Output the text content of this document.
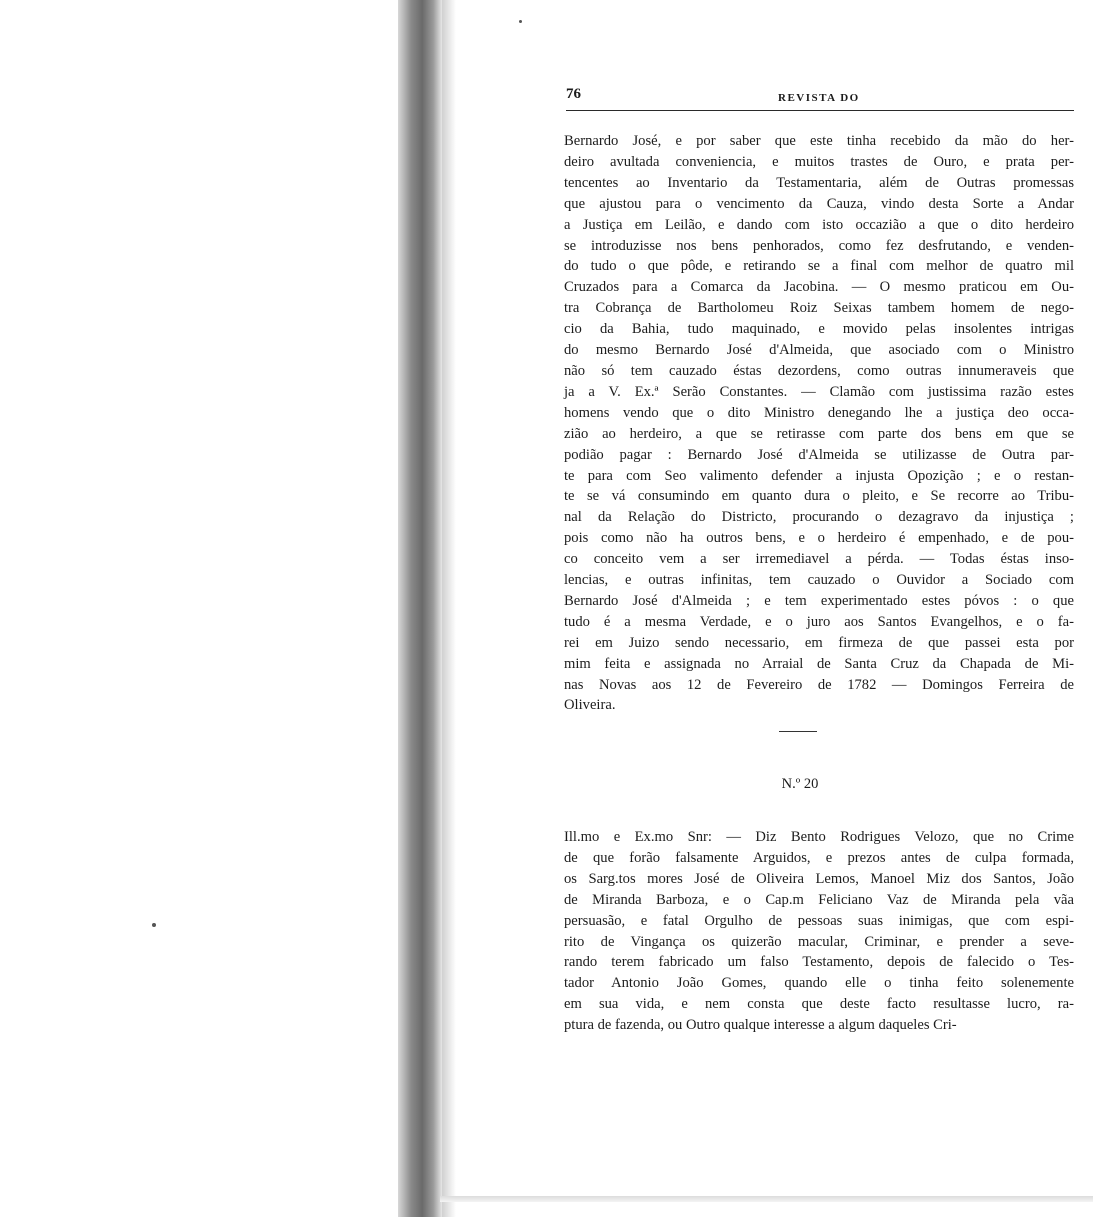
76	REVISTA DO
Bernardo José, e por saber que este tinha recebido da mão do her-
deiro avultada conveniencia, e muitos trastes de Ouro, e prata per-
tencentes ao Inventario da Testamentaria, além de Outras promessas
que ajustou para o vencimento da Cauza, vindo desta Sorte a Andar
a Justiça em Leilão, e dando com isto occazião a que o dito herdeiro
se introduzisse nos bens penhorados, como fez desfrutando, e venden-
do tudo o que pôde, e retirando se a final com melhor de quatro mil
Cruzados para a Comarca da Jacobina. — O mesmo praticou em Ou-
tra Cobrança de Bartholomeu Roiz Seixas tambem homem de nego-
cio da Bahia, tudo maquinado, e movido pelas insolentes intrigas
do mesmo Bernardo José d'Almeida, que asociado com o Ministro
não só tem cauzado éstas dezordens, como outras innumeraveis que
ja a V. Ex.ª Serão Constantes. — Clamão com justissima razão estes
homens vendo que o dito Ministro denegando lhe a justiça deo occa-
zião ao herdeiro, a que se retirasse com parte dos bens em que se
podião pagar : Bernardo José d'Almeida se utilizasse de Outra par-
te para com Seo valimento defender a injusta Opozição ; e o restan-
te se vá consumindo em quanto dura o pleito, e Se recorre ao Tribu-
nal da Relação do Districto, procurando o dezagravo da injustiça ;
pois como não ha outros bens, e o herdeiro é empenhado, e de pou-
co conceito vem a ser irremediavel a pérda. — Todas éstas inso-
lencias, e outras infinitas, tem cauzado o Ouvidor a Sociado com
Bernardo José d'Almeida ; e tem experimentado estes póvos : o que
tudo é a mesma Verdade, e o juro aos Santos Evangelhos, e o fa-
rei em Juizo sendo necessario, em firmeza de que passei esta por
mim feita e assignada no Arraial de Santa Cruz da Chapada de Mi-
nas Novas aos 12 de Fevereiro de 1782 — Domingos Ferreira de
Oliveira.
N.º 20
Ill.mo e Ex.mo Snr: — Diz Bento Rodrigues Velozo, que no Crime
de que forão falsamente Arguidos, e prezos antes de culpa formada,
os Sarg.tos mores José de Oliveira Lemos, Manoel Miz dos Santos, João
de Miranda Barboza, e o Cap.m Feliciano Vaz de Miranda pela vãa
persuasão, e fatal Orgulho de pessoas suas inimigas, que com espi-
rito de Vingança os quizerão macular, Criminar, e prender a seve-
rando terem fabricado um falso Testamento, depois de falecido o Tes-
tador Antonio João Gomes, quando elle o tinha feito solenemente
em sua vida, e nem consta que deste facto resultasse lucro, ra-
ptura de fazenda, ou Outro qualque interesse a algum daqueles Cri-
